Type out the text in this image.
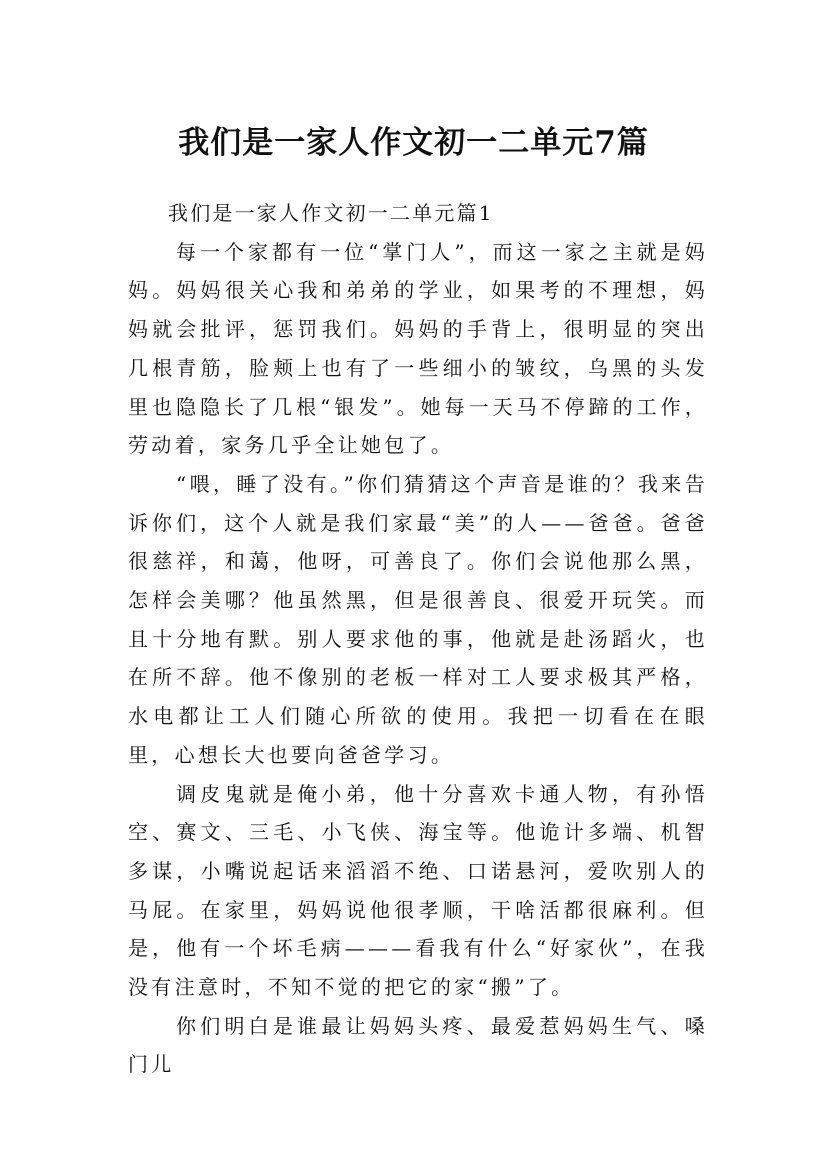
我们是一家人作文初一二单元7篇

我们是一家人作文初一二单元篇1

每一个家都有一位“掌门人”，而这一家之主就是妈妈。妈妈很关心我和弟弟的学业，如果考的不理想，妈妈就会批评，惩罚我们。妈妈的手背上，很明显的突出几根青筋，脸颊上也有了一些细小的皱纹，乌黑的头发里也隐隐长了几根“银发”。她每一天马不停蹄的工作，劳动着，家务几乎全让她包了。

“喂，睡了没有。”你们猜猜这个声音是谁的？我来告诉你们，这个人就是我们家最“美”的人——爸爸。爸爸很慈祥，和蔼，他呀，可善良了。你们会说他那么黑，怎样会美哪？他虽然黑，但是很善良、很爱开玩笑。而且十分地有默。别人要求他的事，他就是赴汤蹈火，也在所不辞。他不像别的老板一样对工人要求极其严格，水电都让工人们随心所欲的使用。我把一切看在在眼里，心想长大也要向爸爸学习。

调皮鬼就是俺小弟，他十分喜欢卡通人物，有孙悟空、赛文、三毛、小飞侠、海宝等。他诡计多端、机智多谋，小嘴说起话来滔滔不绝、口诺悬河，爱吹别人的马屁。在家里，妈妈说他很孝顺，干啥活都很麻利。但是，他有一个坏毛病———看我有什么“好家伙”，在我没有注意时，不知不觉的把它的家“搬”了。

你们明白是谁最让妈妈头疼、最爱惹妈妈生气、嗓门儿
